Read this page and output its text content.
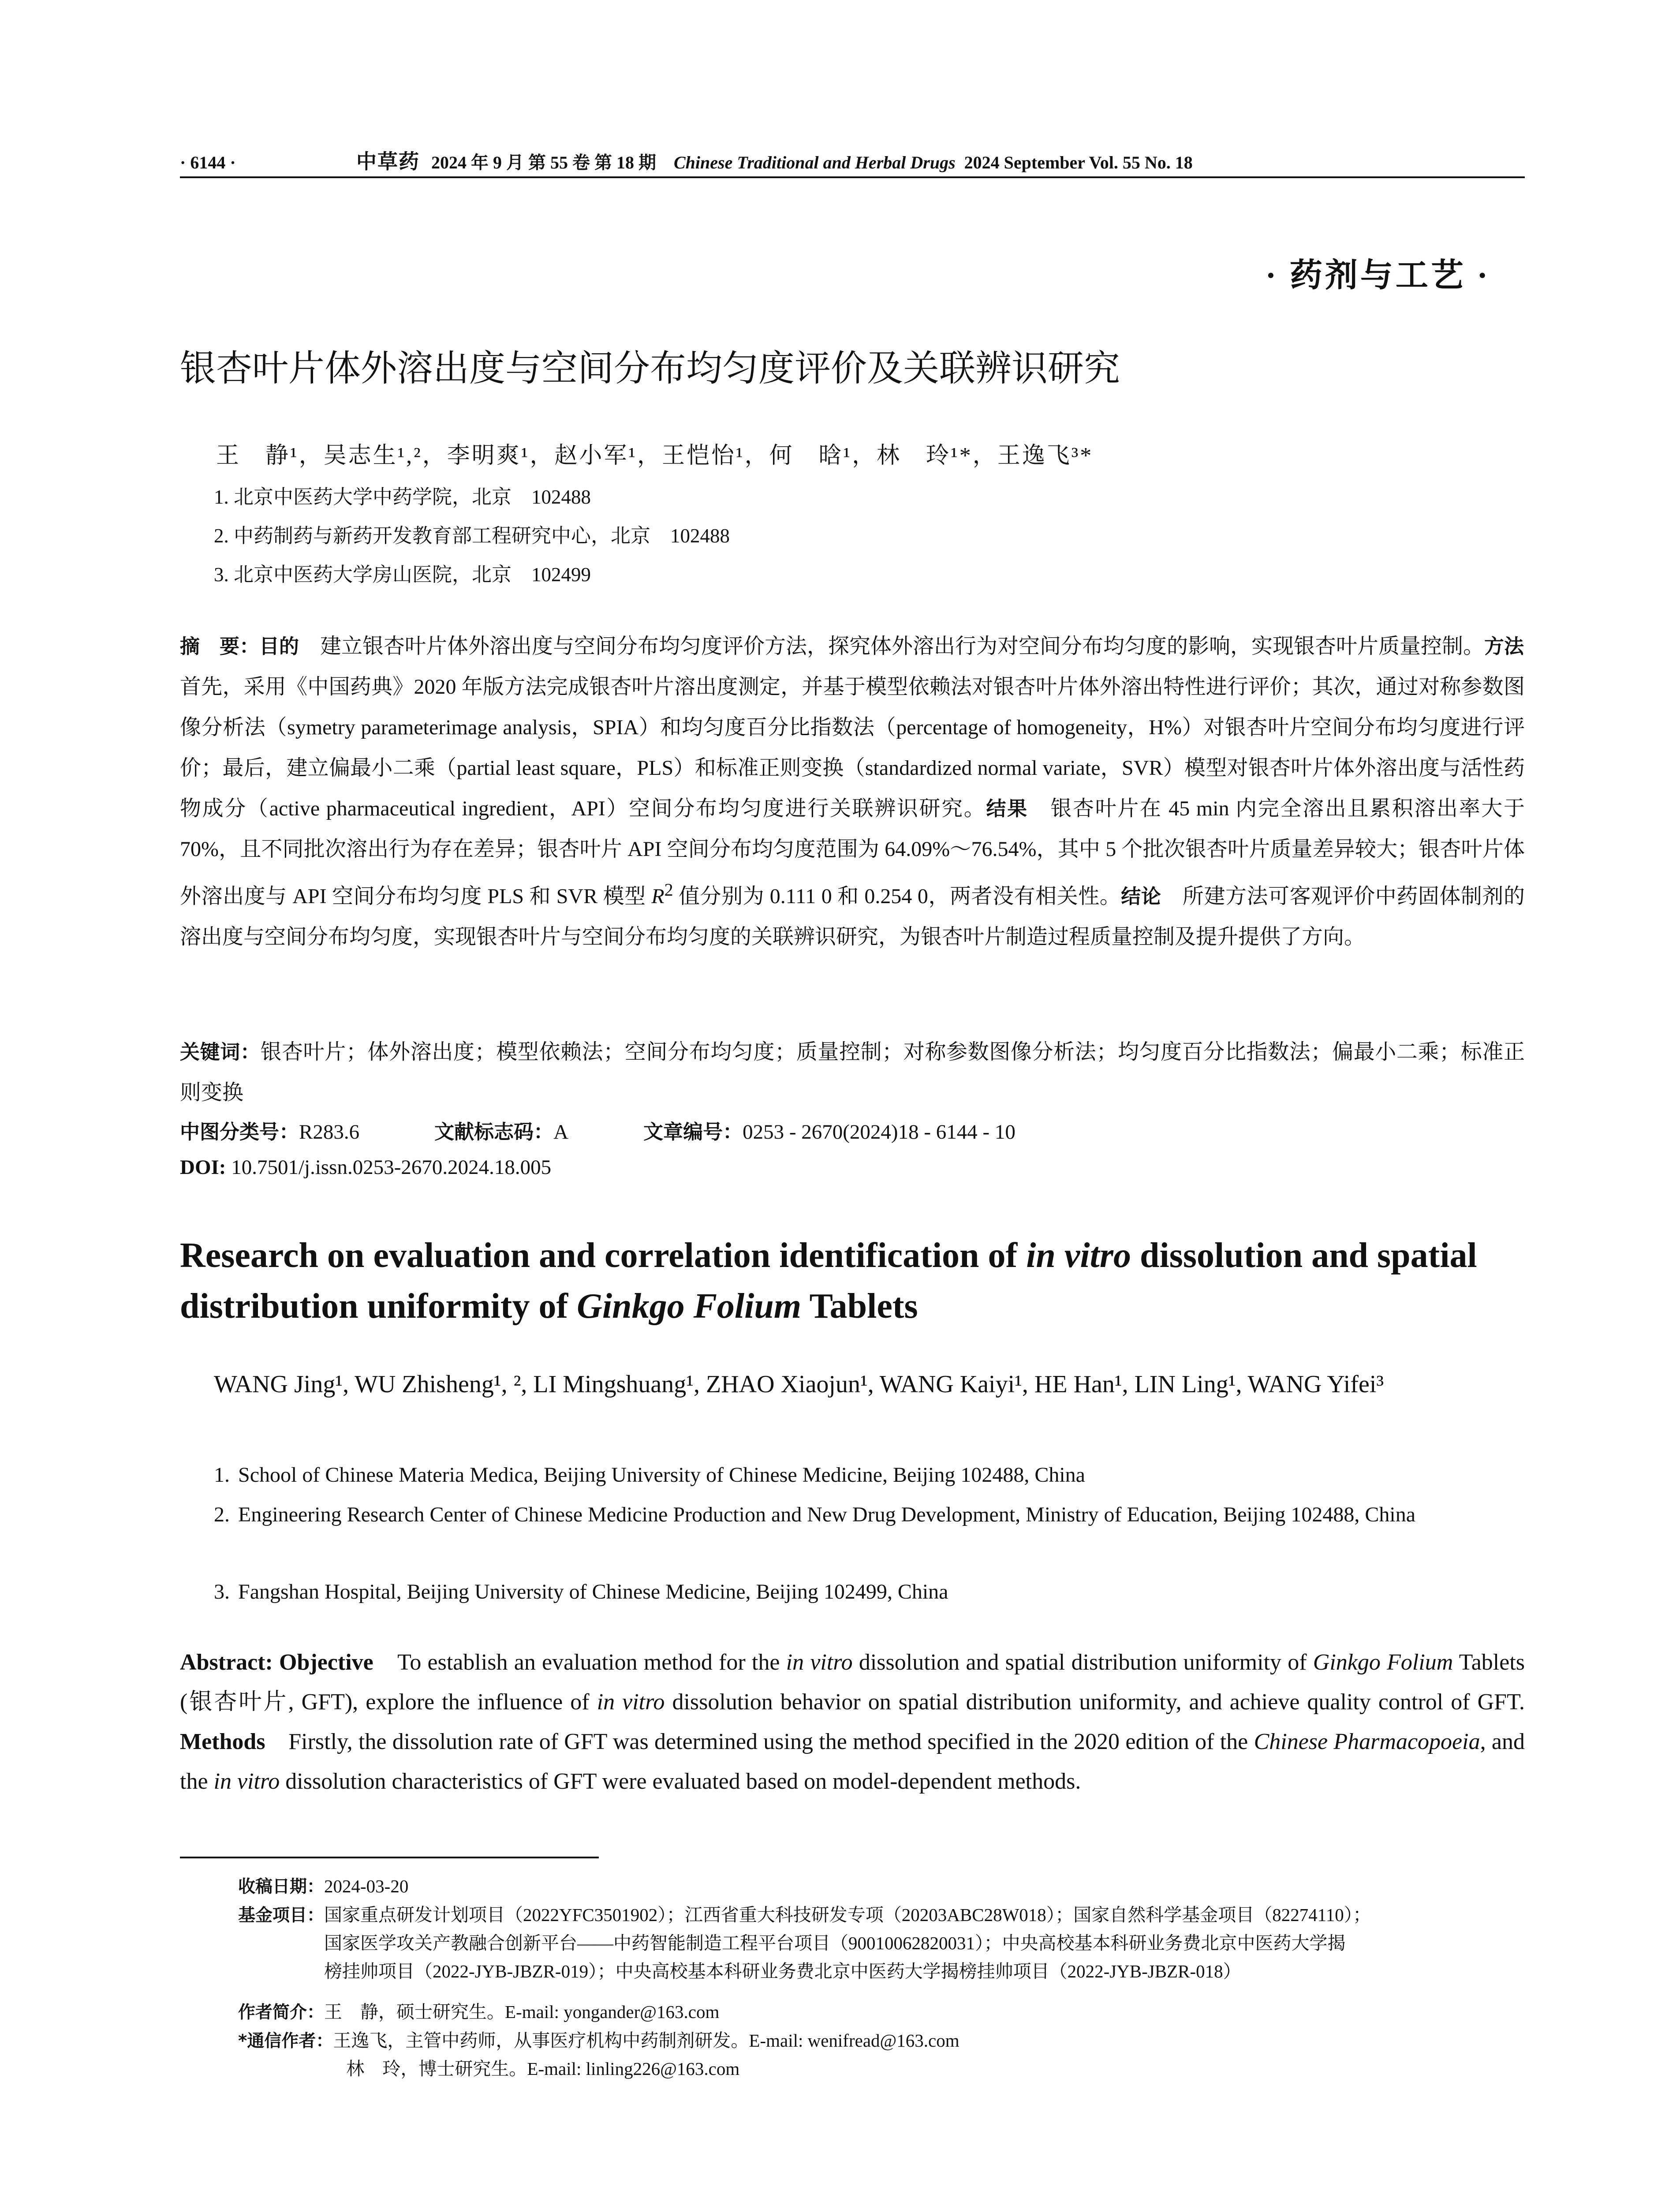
· 6144 ·	中草药 2024 年 9 月 第 55 卷 第 18 期 Chinese Traditional and Herbal Drugs 2024 September Vol. 55 No. 18
· 药剂与工艺 ·
银杏叶片体外溶出度与空间分布均匀度评价及关联辨识研究
王　静¹，吴志生¹,²，李明爽¹，赵小军¹，王恺怡¹，何　晗¹，林　玲¹*，王逸飞³*
1. 北京中医药大学中药学院，北京　102488
2. 中药制药与新药开发教育部工程研究中心，北京　102488
3. 北京中医药大学房山医院，北京　102499
摘　要：目的　建立银杏叶片体外溶出度与空间分布均匀度评价方法，探究体外溶出行为对空间分布均匀度的影响，实现银杏叶片质量控制。方法　首先，采用《中国药典》2020 年版方法完成银杏叶片溶出度测定，并基于模型依赖法对银杏叶片体外溶出特性进行评价；其次，通过对称参数图像分析法（symetry parameterimage analysis，SPIA）和均匀度百分比指数法（percentage of homogeneity，H%）对银杏叶片空间分布均匀度进行评价；最后，建立偏最小二乘（partial least square，PLS）和标准正则变换（standardized normal variate，SVR）模型对银杏叶片体外溶出度与活性药物成分（active pharmaceutical ingredient，API）空间分布均匀度进行关联辨识研究。结果　银杏叶片在 45 min 内完全溶出且累积溶出率大于 70%，且不同批次溶出行为存在差异；银杏叶片 API 空间分布均匀度范围为 64.09%～76.54%，其中 5 个批次银杏叶片质量差异较大；银杏叶片体外溶出度与 API 空间分布均匀度 PLS 和 SVR 模型 $R^2$ 值分别为 0.111 0 和 0.254 0，两者没有相关性。结论　所建方法可客观评价中药固体制剂的溶出度与空间分布均匀度，实现银杏叶片与空间分布均匀度的关联辨识研究，为银杏叶片制造过程质量控制及提升提供了方向。
关键词：银杏叶片；体外溶出度；模型依赖法；空间分布均匀度；质量控制；对称参数图像分析法；均匀度百分比指数法；偏最小二乘；标准正则变换
中图分类号：R283.6	文献标志码：A	文章编号：0253 - 2670(2024)18 - 6144 - 10
DOI: 10.7501/j.issn.0253-2670.2024.18.005
Research on evaluation and correlation identification of in vitro dissolution and spatial distribution uniformity of Ginkgo Folium Tablets
WANG Jing¹, WU Zhisheng¹, ², LI Mingshuang¹, ZHAO Xiaojun¹, WANG Kaiyi¹, HE Han¹, LIN Ling¹, WANG Yifei³
1. School of Chinese Materia Medica, Beijing University of Chinese Medicine, Beijing 102488, China
2. Engineering Research Center of Chinese Medicine Production and New Drug Development, Ministry of Education, Beijing 102488, China
3. Fangshan Hospital, Beijing University of Chinese Medicine, Beijing 102499, China
Abstract: Objective　To establish an evaluation method for the in vitro dissolution and spatial distribution uniformity of Ginkgo Folium Tablets (银杏叶片, GFT), explore the influence of in vitro dissolution behavior on spatial distribution uniformity, and achieve quality control of GFT. Methods　Firstly, the dissolution rate of GFT was determined using the method specified in the 2020 edition of the Chinese Pharmacopoeia, and the in vitro dissolution characteristics of GFT were evaluated based on model-dependent methods.
收稿日期：2024-03-20
基金项目： 国家重点研发计划项目（2022YFC3501902）；江西省重大科技研发专项（20203ABC28W018）；国家自然科学基金项目（82274110）；
国家医学攻关产教融合创新平台——中药智能制造工程平台项目（90010062820031）；中央高校基本科研业务费北京中医药大学揭
榜挂帅项目（2022-JYB-JBZR-019）；中央高校基本科研业务费北京中医药大学揭榜挂帅项目（2022-JYB-JBZR-018）
作者简介：王　静，硕士研究生。E-mail: yongander@163.com
*通信作者： 王逸飞，主管中药师，从事医疗机构中药制剂研发。E-mail: wenifread@163.com
林　玲，博士研究生。E-mail: linling226@163.com
